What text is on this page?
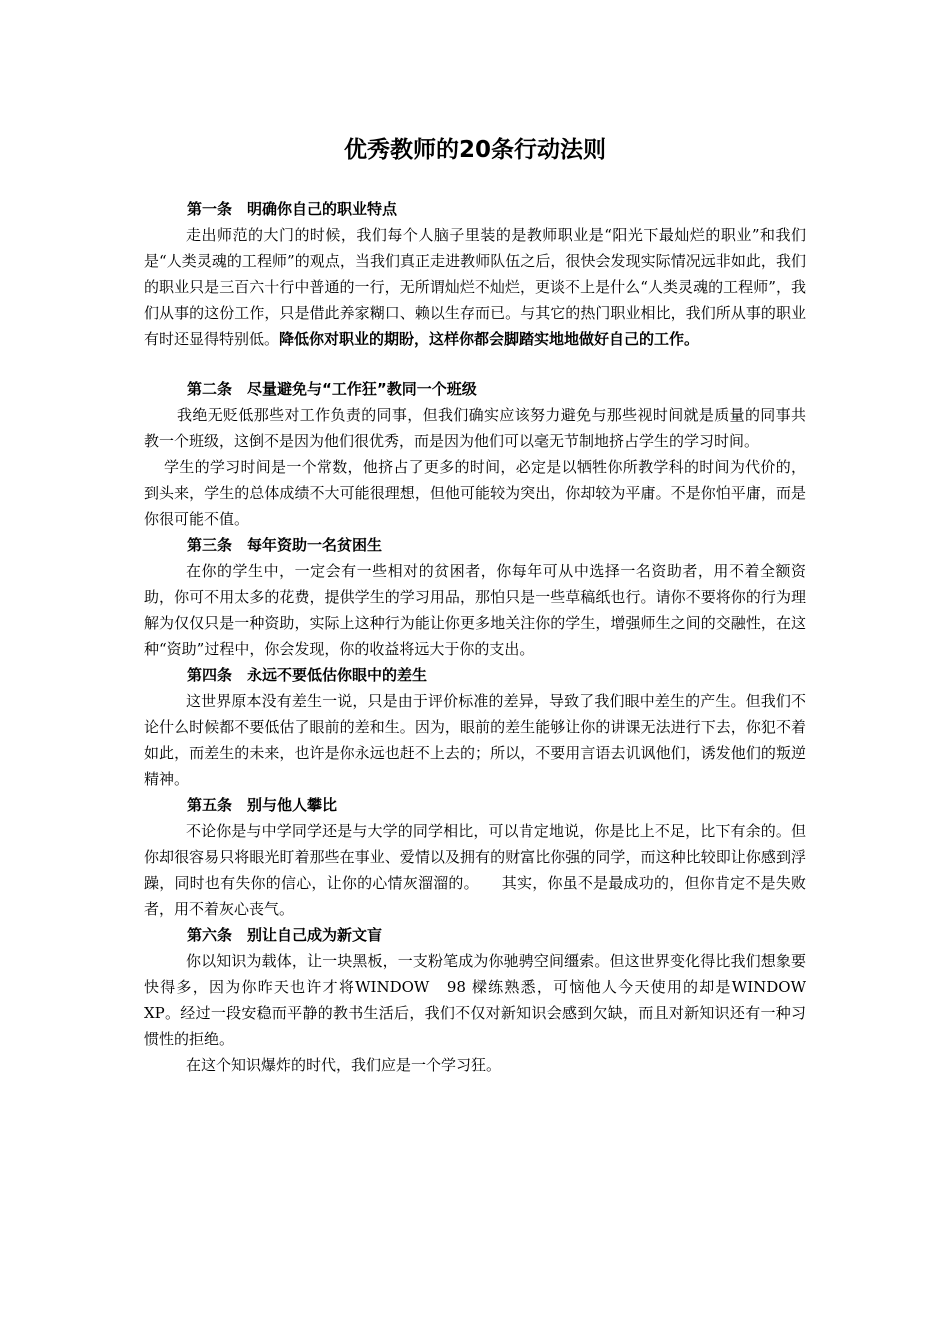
优秀教师的20条行动法则
第一条　明确你自己的职业特点

走出师范的大门的时候，我们每个人脑子里装的是教师职业是“阳光下最灿烂的职业”和我们是“人类灵魂的工程师”的观点，当我们真正走进教师队伍之后，很快会发现实际情况远非如此，我们的职业只是三百六十行中普通的一行，无所谓灿烂不灿烂，更谈不上是什么“人类灵魂的工程师”，我们从事的这份工作，只是借此养家糊口、赖以生存而已。与其它的热门职业相比，我们所从事的职业有时还显得特别低。降低你对职业的期盼，这样你都会脚踏实地地做好自己的工作。

第二条　尽量避免与“工作狂”教同一个班级

我绝无贬低那些对工作负责的同事，但我们确实应该努力避免与那些视时间就是质量的同事共教一个班级，这倒不是因为他们很优秀，而是因为他们可以毫无节制地挤占学生的学习时间。

学生的学习时间是一个常数，他挤占了更多的时间，必定是以牺牲你所教学科的时间为代价的，到头来，学生的总体成绩不大可能很理想，但他可能较为突出，你却较为平庸。不是你怕平庸，而是你很可能不值。

第三条　每年资助一名贫困生

在你的学生中，一定会有一些相对的贫困者，你每年可从中选择一名资助者，用不着全额资助，你可不用太多的花费，提供学生的学习用品，那怕只是一些草稿纸也行。请你不要将你的行为理解为仅仅只是一种资助，实际上这种行为能让你更多地关注你的学生，增强师生之间的交融性，在这种“资助”过程中，你会发现，你的收益将远大于你的支出。

第四条　永远不要低估你眼中的差生

这世界原本没有差生一说，只是由于评价标准的差异，导致了我们眼中差生的产生。但我们不论什么时候都不要低估了眼前的差和生。因为，眼前的差生能够让你的讲课无法进行下去，你犯不着如此，而差生的未来，也许是你永远也赶不上去的；所以，不要用言语去讥讽他们，诱发他们的叛逆精神。

第五条　别与他人攀比

不论你是与中学同学还是与大学的同学相比，可以肯定地说，你是比上不足，比下有余的。但你却很容易只将眼光盯着那些在事业、爱情以及拥有的财富比你强的同学，而这种比较即让你感到浮躁，同时也有失你的信心，让你的心情灰溜溜的。　　其实，你虽不是最成功的，但你肯定不是失败者，用不着灰心丧气。

第六条　别让自己成为新文盲

你以知识为载体，让一块黑板，一支粉笔成为你驰骋空间缰索。但这世界变化得比我们想象要快得多，因为你昨天也许才将WINDOW　98 樑练熟悉，可恼他人今天使用的却是WINDOW　XP。经过一段安稳而平静的教书生活后，我们不仅对新知识会感到欠缺，而且对新知识还有一种习惯性的拒绝。

在这个知识爆炸的时代，我们应是一个学习狂。
